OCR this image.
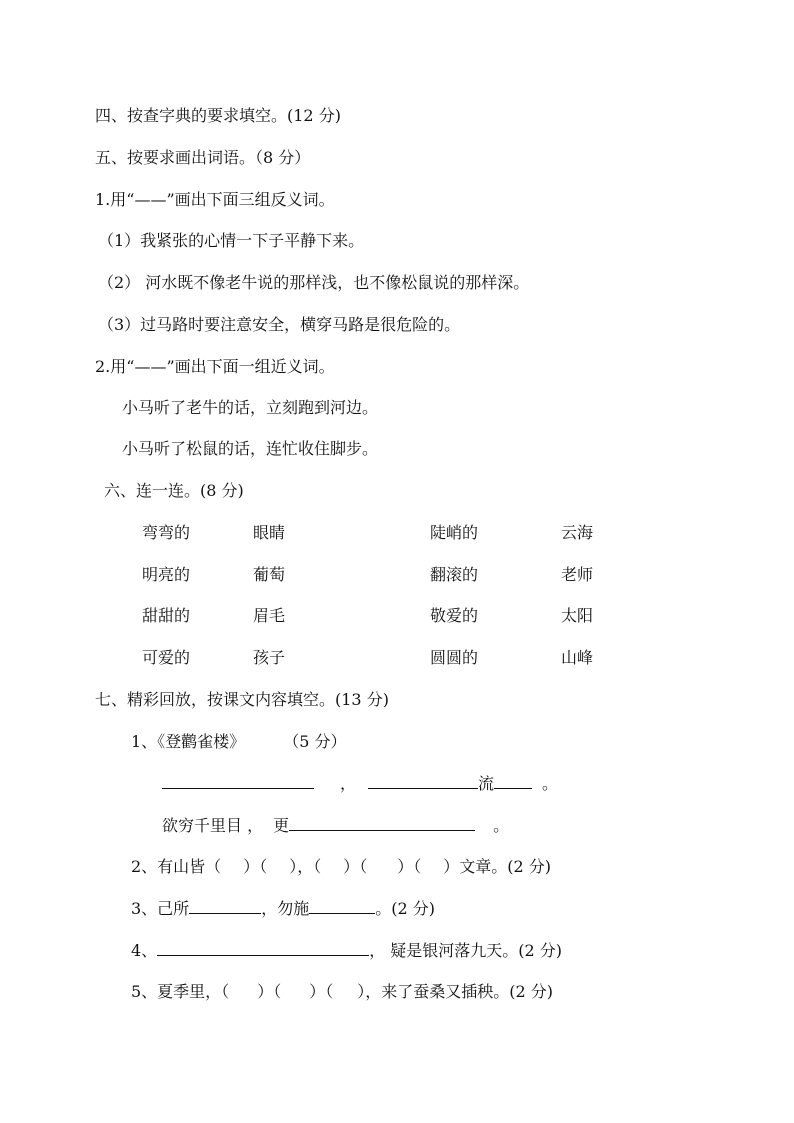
四、按查字典的要求填空。(12 分)
五、按要求画出词语。（8 分）
1.用“——”画出下面三组反义词。
（1）我紧张的心情一下子平静下来。
（2） 河水既不像老牛说的那样浅，也不像松鼠说的那样深。
（3）过马路时要注意安全，横穿马路是很危险的。
2.用“——”画出下面一组近义词。
小马听了老牛的话，立刻跑到河边。
小马听了松鼠的话，连忙收住脚步。
六、连一连。(8 分)
弯弯的	眼睛	陡峭的	云海
明亮的	葡萄	翻滚的	老师
甜甜的	眉毛	敬爱的	太阳
可爱的	孩子	圆圆的	山峰
七、精彩回放，按课文内容填空。(13 分)
1、《登鹳雀楼》 （5 分）
，	流	。
欲穷千里目 ， 更	。
2、有山皆（ ）（ ），（ ）（ ）（ ）文章。(2 分)
3、己所	，勿施	。(2 分)
4、	， 疑是银河落九天。(2 分)
5、夏季里，（ ）（ ）（ ），来了蚕桑又插秧。(2 分)
